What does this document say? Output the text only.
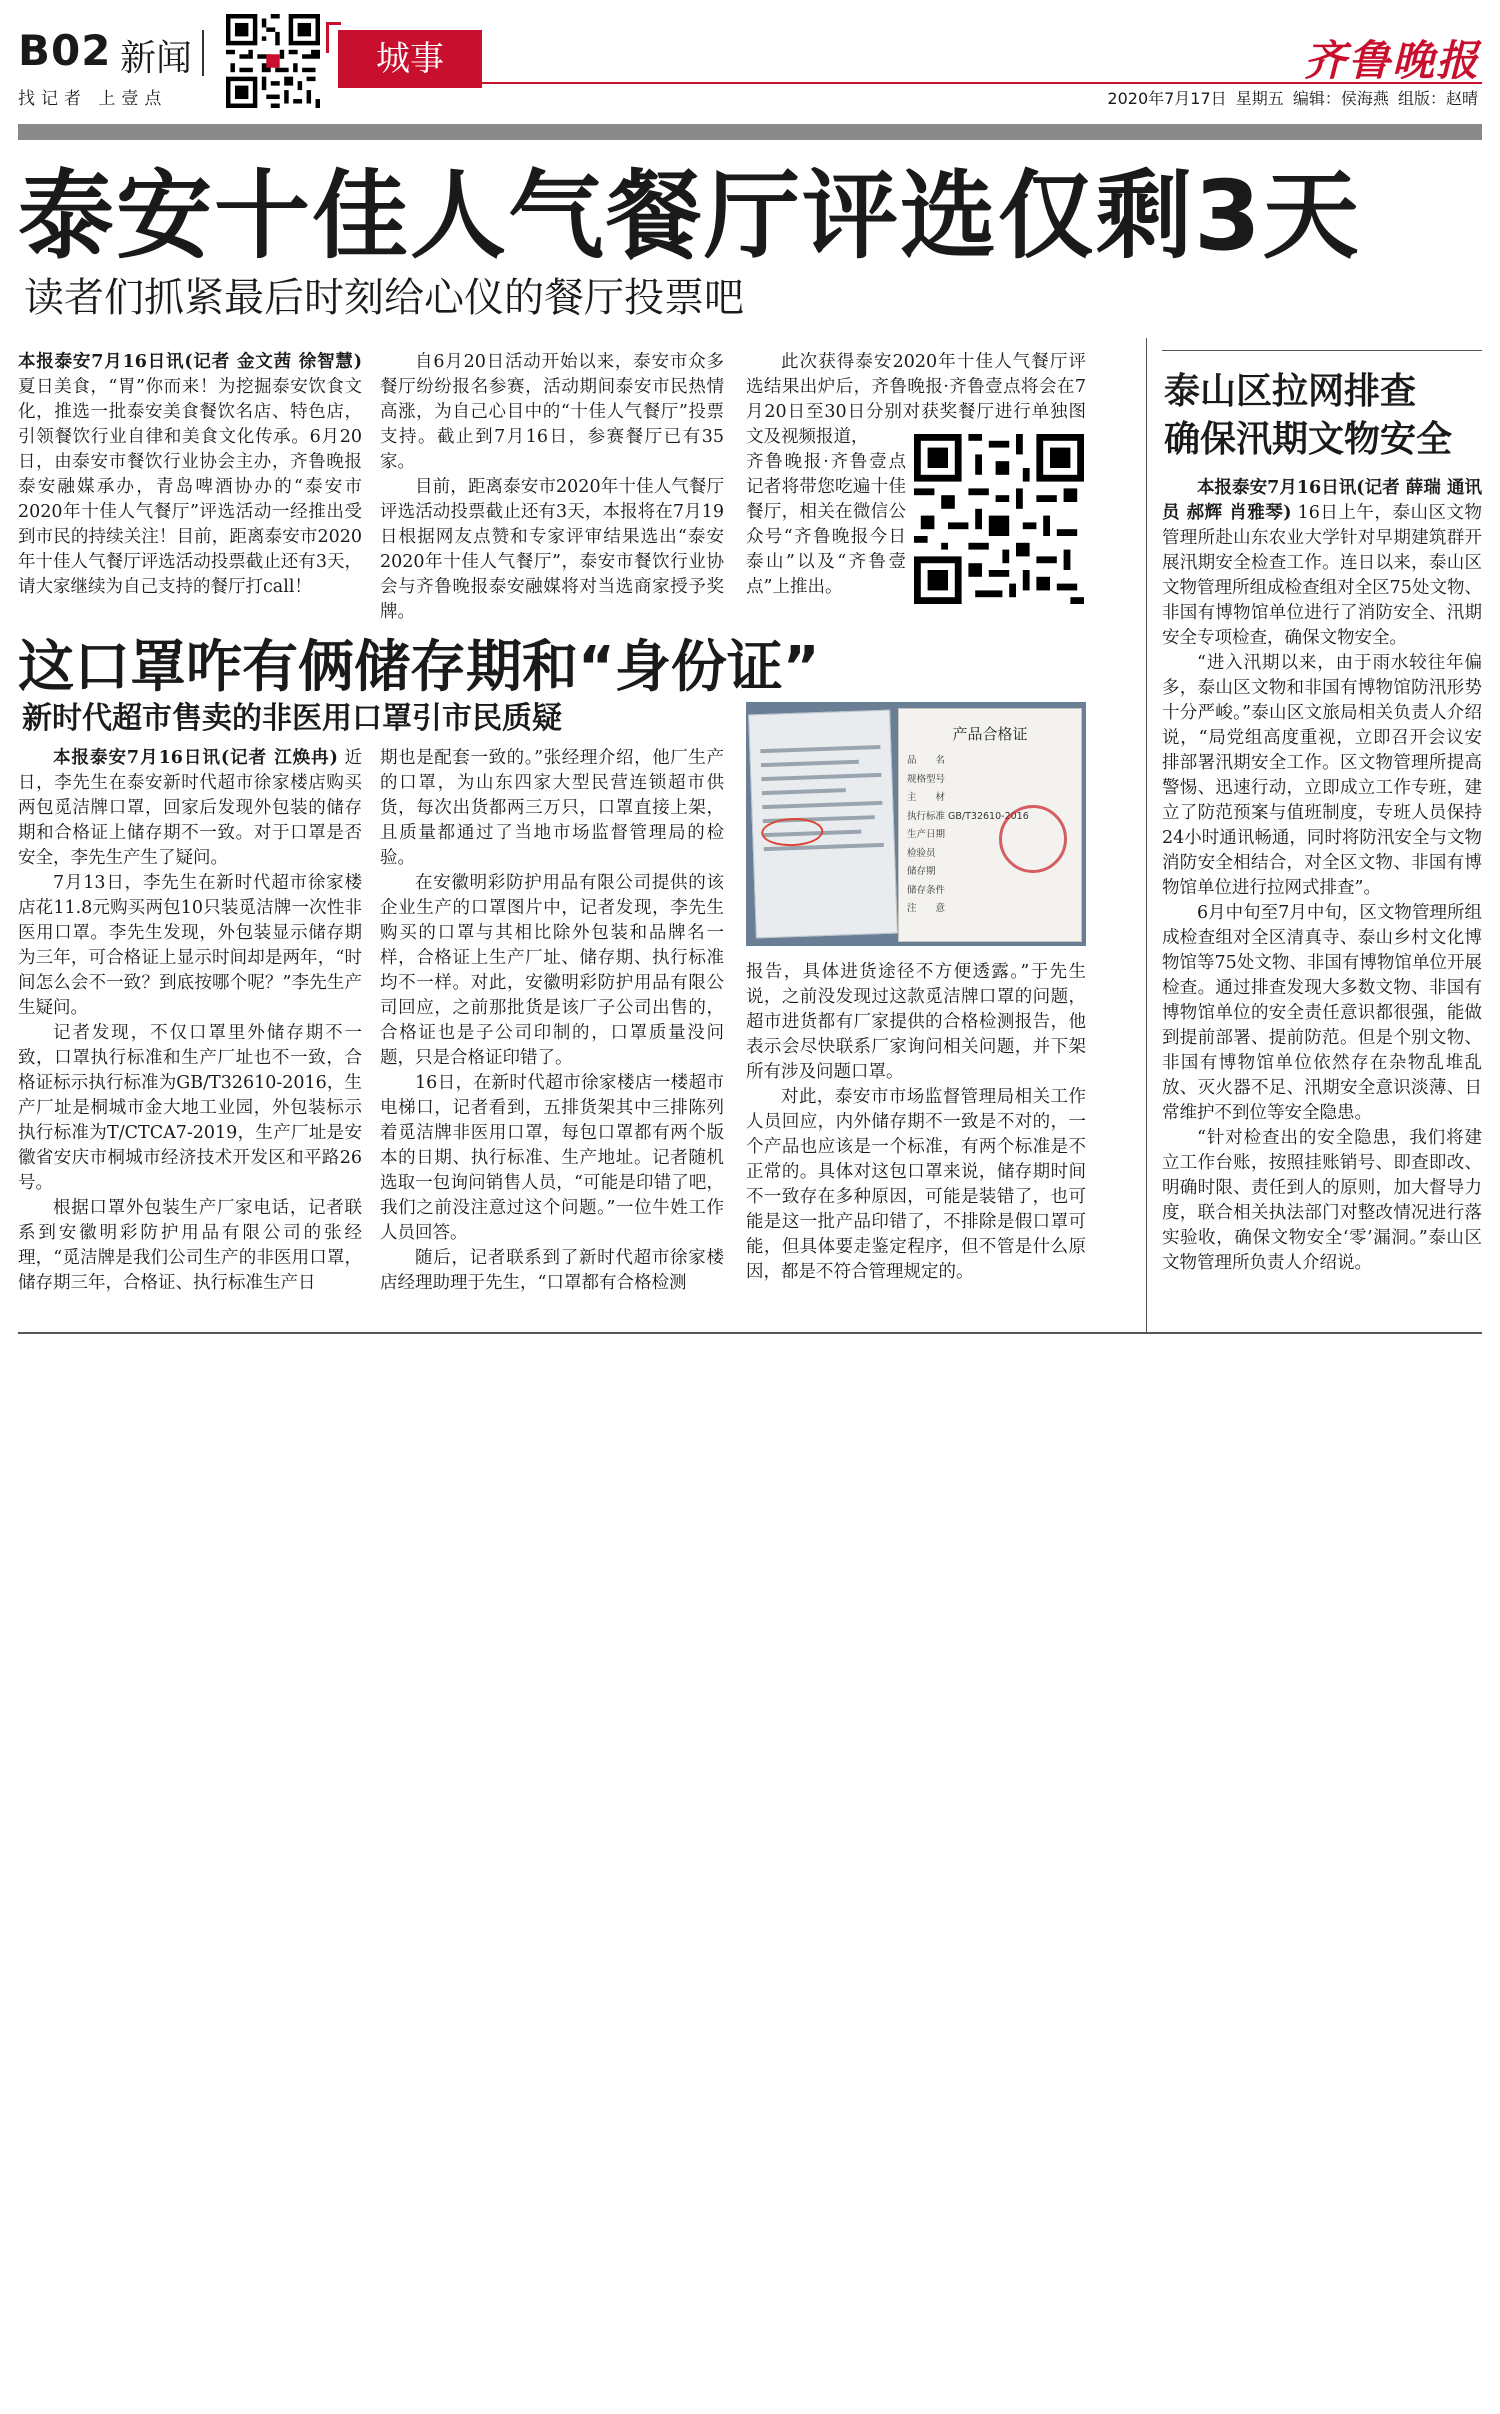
B02 新闻
找记者 上壹点
城事	齐鲁晚报
2020年7月17日 星期五 编辑：侯海燕 组版：赵晴
泰安十佳人气餐厅评选仅剩3天
读者们抓紧最后时刻给心仪的餐厅投票吧

本报泰安7月16日讯(记者 金文茜 徐智慧) 夏日美食，“胃”你而来！为挖掘泰安饮食文化，推选一批泰安美食餐饮名店、特色店，引领餐饮行业自律和美食文化传承。6月20日，由泰安市餐饮行业协会主办，齐鲁晚报泰安融媒承办，青岛啤酒协办的“泰安市2020年十佳人气餐厅”评选活动一经推出受到市民的持续关注！目前，距离泰安市2020年十佳人气餐厅评选活动投票截止还有3天，请大家继续为自己支持的餐厅打call！

自6月20日活动开始以来，泰安市众多餐厅纷纷报名参赛，活动期间泰安市民热情高涨，为自己心目中的“十佳人气餐厅”投票支持。截止到7月16日，参赛餐厅已有35家。

目前，距离泰安市2020年十佳人气餐厅评选活动投票截止还有3天，本报将在7月19日根据网友点赞和专家评审结果选出“泰安2020年十佳人气餐厅”，泰安市餐饮行业协会与齐鲁晚报泰安融媒将对当选商家授予奖牌。

此次获得泰安2020年十佳人气餐厅评选结果出炉后，齐鲁晚报·齐鲁壹点将会在7月20日至30日分别对获奖餐厅进行单独图文及视频报道，

齐鲁晚报·齐鲁壹点记者将带您吃遍十佳餐厅，相关在微信公众号“齐鲁晚报今日泰山”以及“齐鲁壹点”上推出。

泰山区拉网排查
确保汛期文物安全

本报泰安7月16日讯(记者 薛瑞 通讯员 郝辉 肖雅琴) 16日上午，泰山区文物管理所赴山东农业大学针对早期建筑群开展汛期安全检查工作。连日以来，泰山区文物管理所组成检查组对全区75处文物、非国有博物馆单位进行了消防安全、汛期安全专项检查，确保文物安全。

“进入汛期以来，由于雨水较往年偏多，泰山区文物和非国有博物馆防汛形势十分严峻。”泰山区文旅局相关负责人介绍说，“局党组高度重视，立即召开会议安排部署汛期安全工作。区文物管理所提高警惕、迅速行动，立即成立工作专班，建立了防范预案与值班制度，专班人员保持24小时通讯畅通，同时将防汛安全与文物消防安全相结合，对全区文物、非国有博物馆单位进行拉网式排查”。

6月中旬至7月中旬，区文物管理所组成检查组对全区清真寺、泰山乡村文化博物馆等75处文物、非国有博物馆单位开展检查。通过排查发现大多数文物、非国有博物馆单位的安全责任意识都很强，能做到提前部署、提前防范。但是个别文物、非国有博物馆单位依然存在杂物乱堆乱放、灭火器不足、汛期安全意识淡薄、日常维护不到位等安全隐患。

“针对检查出的安全隐患，我们将建立工作台账，按照挂账销号、即查即改、明确时限、责任到人的原则，加大督导力度，联合相关执法部门对整改情况进行落实验收，确保文物安全‘零’漏洞。”泰山区文物管理所负责人介绍说。

这口罩咋有俩储存期和“身份证”
新时代超市售卖的非医用口罩引市民质疑

本报泰安7月16日讯(记者 江焕冉) 近日，李先生在泰安新时代超市徐家楼店购买两包觅洁牌口罩，回家后发现外包装的储存期和合格证上储存期不一致。对于口罩是否安全，李先生产生了疑问。

7月13日，李先生在新时代超市徐家楼店花11.8元购买两包10只装觅洁牌一次性非医用口罩。李先生发现，外包装显示储存期为三年，可合格证上显示时间却是两年，“时间怎么会不一致？到底按哪个呢？”李先生产生疑问。

记者发现，不仅口罩里外储存期不一致，口罩执行标准和生产厂址也不一致，合格证标示执行标准为GB/T32610-2016，生产厂址是桐城市金大地工业园，外包装标示执行标准为T/CTCA7-2019，生产厂址是安徽省安庆市桐城市经济技术开发区和平路26号。

根据口罩外包装生产厂家电话，记者联系到安徽明彩防护用品有限公司的张经理，“觅洁牌是我们公司生产的非医用口罩，储存期三年，合格证、执行标准生产日

期也是配套一致的。”张经理介绍，他厂生产的口罩，为山东四家大型民营连锁超市供货，每次出货都两三万只，口罩直接上架，且质量都通过了当地市场监督管理局的检验。

在安徽明彩防护用品有限公司提供的该企业生产的口罩图片中，记者发现，李先生购买的口罩与其相比除外包装和品牌名一样，合格证上生产厂址、储存期、执行标准均不一样。对此，安徽明彩防护用品有限公司回应，之前那批货是该厂子公司出售的，合格证也是子公司印制的，口罩质量没问题，只是合格证印错了。

16日，在新时代超市徐家楼店一楼超市电梯口，记者看到，五排货架其中三排陈列着觅洁牌非医用口罩，每包口罩都有两个版本的日期、执行标准、生产地址。记者随机选取一包询问销售人员，“可能是印错了吧，我们之前没注意过这个问题。”一位牛姓工作人员回答。

随后，记者联系到了新时代超市徐家楼店经理助理于先生，“口罩都有合格检测

产品合格证
品　　名
规格型号
主　　材
执行标准 GB/T32610-2016
生产日期
检验员
储存期
储存条件
注　　意

报告，具体进货途径不方便透露。”于先生说，之前没发现过这款觅洁牌口罩的问题，超市进货都有厂家提供的合格检测报告，他表示会尽快联系厂家询问相关问题，并下架所有涉及问题口罩。

对此，泰安市市场监督管理局相关工作人员回应，内外储存期不一致是不对的，一个产品也应该是一个标准，有两个标准是不正常的。具体对这包口罩来说，储存期时间不一致存在多种原因，可能是装错了，也可能是这一批产品印错了，不排除是假口罩可能，但具体要走鉴定程序，但不管是什么原因，都是不符合管理规定的。
